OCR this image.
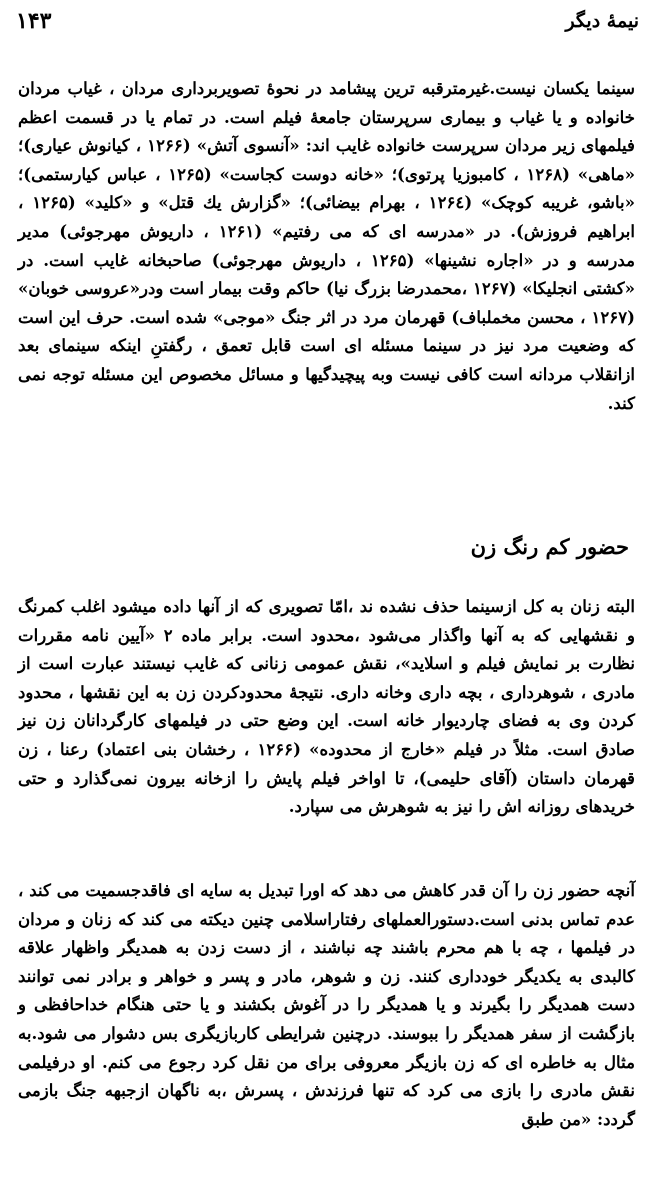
نیمهٔ دیگر
۱۴۳

سینما یکسان نیست.غیرمترقبه ترین پیشامد در نحوهٔ تصویربرداری مردان ، غیاب مردان خانواده و یا غیاب و بیماری سرپرستان جامعهٔ فیلم است. در تمام یا در قسمت اعظم فیلمهای زیر مردان سرپرست خانواده غایب اند: «آنسوی آتش» (۱۲۶۶ ، کیانوش عیاری)؛ «ماهی» (۱۲۶۸ ، کامبوزیا پرتوی)؛ «خانه دوست کجاست» (۱۲۶۵ ، عباس کیارستمی)؛ «باشو، غریبه کوچک» (۱۲۶٤ ، بهرام بیضائی)؛ «گزارش یك قتل» و «کلید» (۱۲۶۵ ، ابراهیم فروزش). در «مدرسه ای که می رفتیم» (۱۲۶۱ ، داریوش مهرجوئی) مدیر مدرسه و در «اجاره نشینها» (۱۲۶۵ ، داریوش مهرجوئی) صاحبخانه غایب است. در «کشتی انجلیکا» (۱۲۶۷ ،محمدرضا بزرگ نیا) حاکم وقت بیمار است ودر«عروسی خوبان» (۱۲۶۷ ، محسن مخملباف) قهرمان مرد در اثر جنگ «موجی» شده است. حرف این است که وضعیت مرد نیز در سینما مسئله ای است قابل تعمق ، رگفتنِ اینکه سینمای بعد ازانقلاب مردانه است کافی نیست وبه پیچیدگیها و مسائل مخصوص این مسئله توجه نمی کند.

حضور کم رنگ زن

البته زنان به کل ازسینما حذف نشده ند ،امّا تصویری که از آنها داده میشود اغلب کمرنگ و نقشهایی که به آنها واگذار می‌شود ،محدود است. برابر ماده ۲ «آیین نامه مقررات نظارت بر نمایش فیلم و اسلاید»، نقش عمومی زنانی که غایب نیستند عبارت است از مادری ، شوهرداری ، بچه داری وخانه داری. نتیجهٔ محدودکردن زن به این نقشها ، محدود کردن وی به فضای چاردیوار خانه است. این وضع حتی در فیلمهای کارگردانان زن نیز صادق است. مثلاً در فیلم «خارج از محدوده» (۱۲۶۶ ، رخشان بنی اعتماد) رعنا ، زن قهرمان داستان (آقای حلیمی)، تا اواخر فیلم پایش را ازخانه بیرون نمی‌گذارد و حتی خریدهای روزانه اش را نیز به شوهرش می سپارد.

آنچه حضور زن را آن قدر کاهش می دهد که اورا تبدیل به سایه ای فاقدجسمیت می کند ، عدم تماس بدنی است.دستورالعملهای رفتاراسلامی چنین دیکته می کند که زنان و مردان در فیلمها ، چه با هم محرم باشند چه نباشند ، از دست زدن به همدیگر واظهار علاقه کالبدی به یکدیگر خودداری کنند. زن و شوهر، مادر و پسر و خواهر و برادر نمی توانند دست همدیگر را بگیرند و یا همدیگر را در آغوش بکشند و یا حتی هنگام خداحافظی و بازگشت از سفر همدیگر را ببوسند. درچنین شرایطی کاربازیگری بس دشوار می شود.به مثال به خاطره ای که زن بازیگر معروفی برای من نقل کرد رجوع می کنم. او درفیلمی نقش مادری را بازی می کرد که تنها فرزندش ، پسرش ،به ناگهان ازجبهه جنگ بازمی گردد: «من طبق
